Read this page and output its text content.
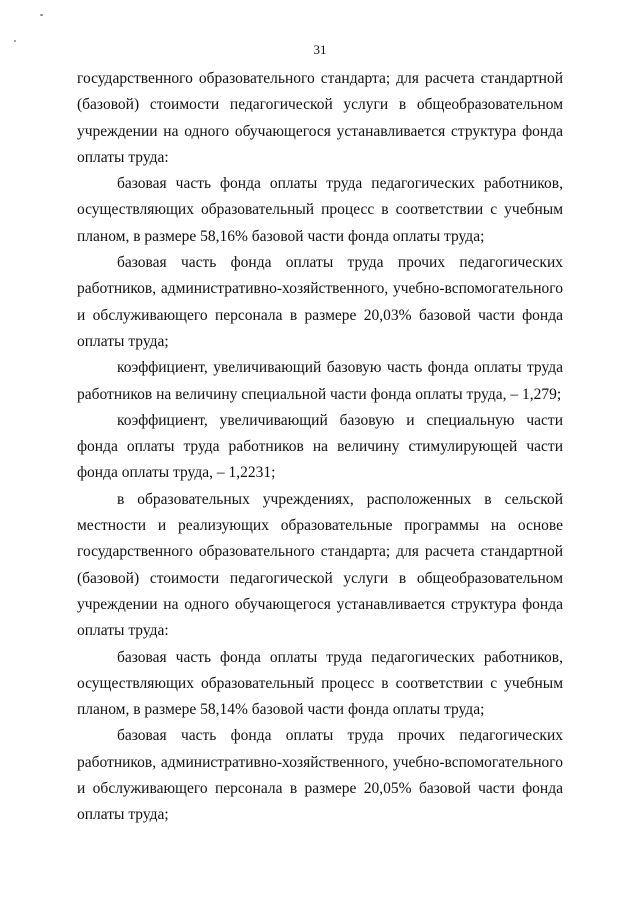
31

государственного образовательного стандарта; для расчета стандартной (базовой) стоимости педагогической услуги в общеобразовательном учреждении на одного обучающегося устанавливается структура фонда оплаты труда:

базовая часть фонда оплаты труда педагогических работников, осуществляющих образовательный процесс в соответствии с учебным планом, в размере 58,16% базовой части фонда оплаты труда;

базовая часть фонда оплаты труда прочих педагогических работников, административно-хозяйственного, учебно-вспомогательного и обслуживающего персонала в размере 20,03% базовой части фонда оплаты труда;

коэффициент, увеличивающий базовую часть фонда оплаты труда работников на величину специальной части фонда оплаты труда, – 1,279;

коэффициент, увеличивающий базовую и специальную части фонда оплаты труда работников на величину стимулирующей части фонда оплаты труда, – 1,2231;

в образовательных учреждениях, расположенных в сельской местности и реализующих образовательные программы на основе государственного образовательного стандарта; для расчета стандартной (базовой) стоимости педагогической услуги в общеобразовательном учреждении на одного обучающегося устанавливается структура фонда оплаты труда:

базовая часть фонда оплаты труда педагогических работников, осуществляющих образовательный процесс в соответствии с учебным планом, в размере 58,14% базовой части фонда оплаты труда;

базовая часть фонда оплаты труда прочих педагогических работников, административно-хозяйственного, учебно-вспомогательного и обслуживающего персонала в размере 20,05% базовой части фонда оплаты труда;
